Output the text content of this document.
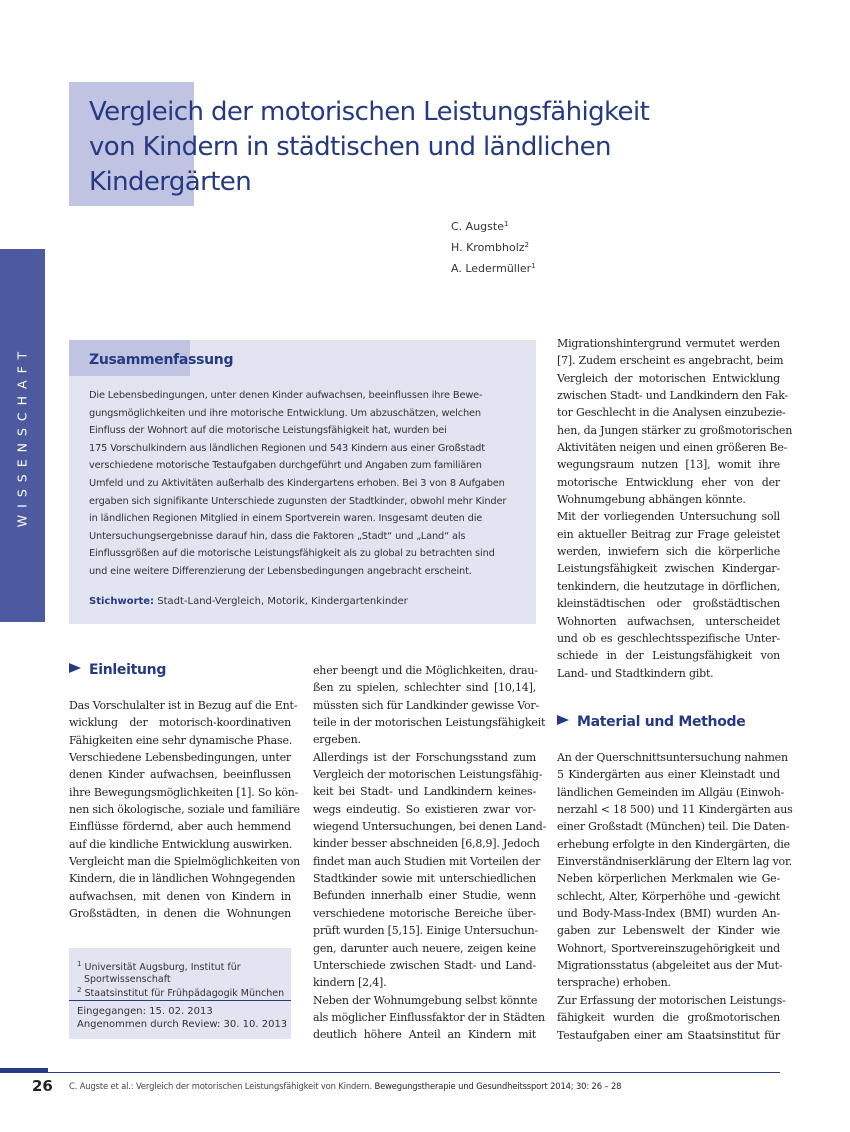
WISSENSCHAFT
Vergleich der motorischen Leistungsfähigkeit
von Kindern in städtischen und ländlichen
Kindergärten
C. Augste$^1$
H. Krombholz$^2$
A. Ledermüller$^1$
Zusammenfassung
Die Lebensbedingungen, unter denen Kinder aufwachsen, beeinflussen ihre Bewe-
gungsmöglichkeiten und ihre motorische Entwicklung. Um abzuschätzen, welchen
Einfluss der Wohnort auf die motorische Leistungsfähigkeit hat, wurden bei
175 Vorschulkindern aus ländlichen Regionen und 543 Kindern aus einer Großstadt
verschiedene motorische Testaufgaben durchgeführt und Angaben zum familiären
Umfeld und zu Aktivitäten außerhalb des Kindergartens erhoben. Bei 3 von 8 Aufgaben
ergaben sich signifikante Unterschiede zugunsten der Stadtkinder, obwohl mehr Kinder
in ländlichen Regionen Mitglied in einem Sportverein waren. Insgesamt deuten die
Untersuchungsergebnisse darauf hin, dass die Faktoren „Stadt“ und „Land“ als
Einflussgrößen auf die motorische Leistungsfähigkeit als zu global zu betrachten sind
und eine weitere Differenzierung der Lebensbedingungen angebracht erscheint.
Stichworte: Stadt-Land-Vergleich, Motorik, Kindergartenkinder
Einleitung
Das Vorschulalter ist in Bezug auf die Ent-
wicklung der motorisch-koordinativen
Fähigkeiten eine sehr dynamische Phase.
Verschiedene Lebensbedingungen, unter
denen Kinder aufwachsen, beeinflussen
ihre Bewegungsmöglichkeiten [1]. So kön-
nen sich ökologische, soziale und familiäre
Einflüsse fördernd, aber auch hemmend
auf die kindliche Entwicklung auswirken.
Vergleicht man die Spielmöglichkeiten von
Kindern, die in ländlichen Wohngegenden
aufwachsen, mit denen von Kindern in
Großstädten, in denen die Wohnungen
$^1$ Universität Augsburg, Institut für
Sportwissenschaft
$^2$ Staatsinstitut für Frühpädagogik München
Eingegangen: 15. 02. 2013
Angenommen durch Review: 30. 10. 2013
eher beengt und die Möglichkeiten, drau-
ßen zu spielen, schlechter sind [10,14],
müssten sich für Landkinder gewisse Vor-
teile in der motorischen Leistungsfähigkeit
ergeben.
Allerdings ist der Forschungsstand zum
Vergleich der motorischen Leistungsfähig-
keit bei Stadt- und Landkindern keines-
wegs eindeutig. So existieren zwar vor-
wiegend Untersuchungen, bei denen Land-
kinder besser abschneiden [6,8,9]. Jedoch
findet man auch Studien mit Vorteilen der
Stadtkinder sowie mit unterschiedlichen
Befunden innerhalb einer Studie, wenn
verschiedene motorische Bereiche über-
prüft wurden [5,15]. Einige Untersuchun-
gen, darunter auch neuere, zeigen keine
Unterschiede zwischen Stadt- und Land-
kindern [2,4].
Neben der Wohnumgebung selbst könnte
als möglicher Einflussfaktor der in Städten
deutlich höhere Anteil an Kindern mit
Migrationshintergrund vermutet werden
[7]. Zudem erscheint es angebracht, beim
Vergleich der motorischen Entwicklung
zwischen Stadt- und Landkindern den Fak-
tor Geschlecht in die Analysen einzubezie-
hen, da Jungen stärker zu großmotorischen
Aktivitäten neigen und einen größeren Be-
wegungsraum nutzen [13], womit ihre
motorische Entwicklung eher von der
Wohnumgebung abhängen könnte.
Mit der vorliegenden Untersuchung soll
ein aktueller Beitrag zur Frage geleistet
werden, inwiefern sich die körperliche
Leistungsfähigkeit zwischen Kindergar-
tenkindern, die heutzutage in dörflichen,
kleinstädtischen oder großstädtischen
Wohnorten aufwachsen, unterscheidet
und ob es geschlechtsspezifische Unter-
schiede in der Leistungsfähigkeit von
Land- und Stadtkindern gibt.
Material und Methode
An der Querschnittsuntersuchung nahmen
5 Kindergärten aus einer Kleinstadt und
ländlichen Gemeinden im Allgäu (Einwoh-
nerzahl < 18 500) und 11 Kindergärten aus
einer Großstadt (München) teil. Die Daten-
erhebung erfolgte in den Kindergärten, die
Einverständniserklärung der Eltern lag vor.
Neben körperlichen Merkmalen wie Ge-
schlecht, Alter, Körperhöhe und -gewicht
und Body-Mass-Index (BMI) wurden An-
gaben zur Lebenswelt der Kinder wie
Wohnort, Sportvereinszugehörigkeit und
Migrationsstatus (abgeleitet aus der Mut-
tersprache) erhoben.
Zur Erfassung der motorischen Leistungs-
fähigkeit wurden die großmotorischen
Testaufgaben einer am Staatsinstitut für
26 C. Augste et al.: Vergleich der motorischen Leistungsfähigkeit von Kindern. Bewegungstherapie und Gesundheitssport 2014; 30: 26 – 28
